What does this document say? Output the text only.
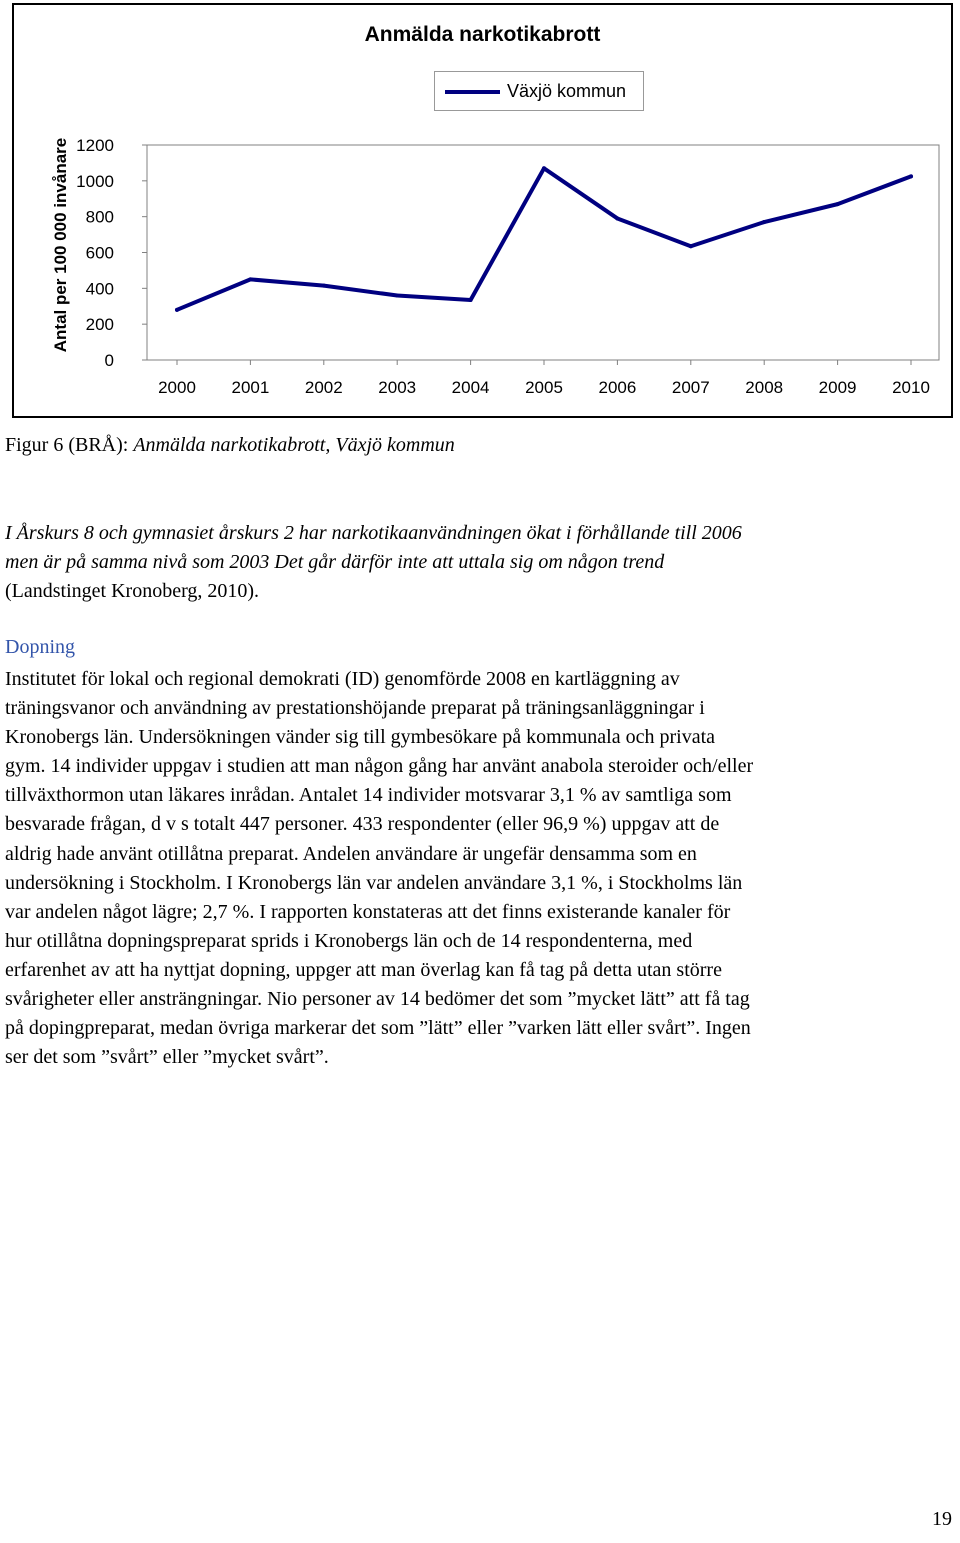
Anmälda narkotikabrott
Växjö kommun
Antal per 100 000 invånare
0
200
400
600
800
1000
1200
2000 2001 2002 2003 2004 2005 2006 2007 2008 2009 2010
Figur 6 (BRÅ): Anmälda narkotikabrott, Växjö kommun
I Årskurs 8 och gymnasiet årskurs 2 har narkotikaanvändningen ökat i förhållande till 2006
men är på samma nivå som 2003 Det går därför inte att uttala sig om någon trend
(Landstinget Kronoberg, 2010).
Dopning
Institutet för lokal och regional demokrati (ID) genomförde 2008 en kartläggning av
träningsvanor och användning av prestationshöjande preparat på träningsanläggningar i
Kronobergs län. Undersökningen vänder sig till gymbesökare på kommunala och privata
gym. 14 individer uppgav i studien att man någon gång har använt anabola steroider och/eller
tillväxthormon utan läkares inrådan. Antalet 14 individer motsvarar 3,1 % av samtliga som
besvarade frågan, d v s totalt 447 personer. 433 respondenter (eller 96,9 %) uppgav att de
aldrig hade använt otillåtna preparat. Andelen användare är ungefär densamma som en
undersökning i Stockholm. I Kronobergs län var andelen användare 3,1 %, i Stockholms län
var andelen något lägre; 2,7 %. I rapporten konstateras att det finns existerande kanaler för
hur otillåtna dopningspreparat sprids i Kronobergs län och de 14 respondenterna, med
erfarenhet av att ha nyttjat dopning, uppger att man överlag kan få tag på detta utan större
svårigheter eller ansträngningar. Nio personer av 14 bedömer det som ”mycket lätt” att få tag
på dopingpreparat, medan övriga markerar det som ”lätt” eller ”varken lätt eller svårt”. Ingen
ser det som ”svårt” eller ”mycket svårt”.
19
